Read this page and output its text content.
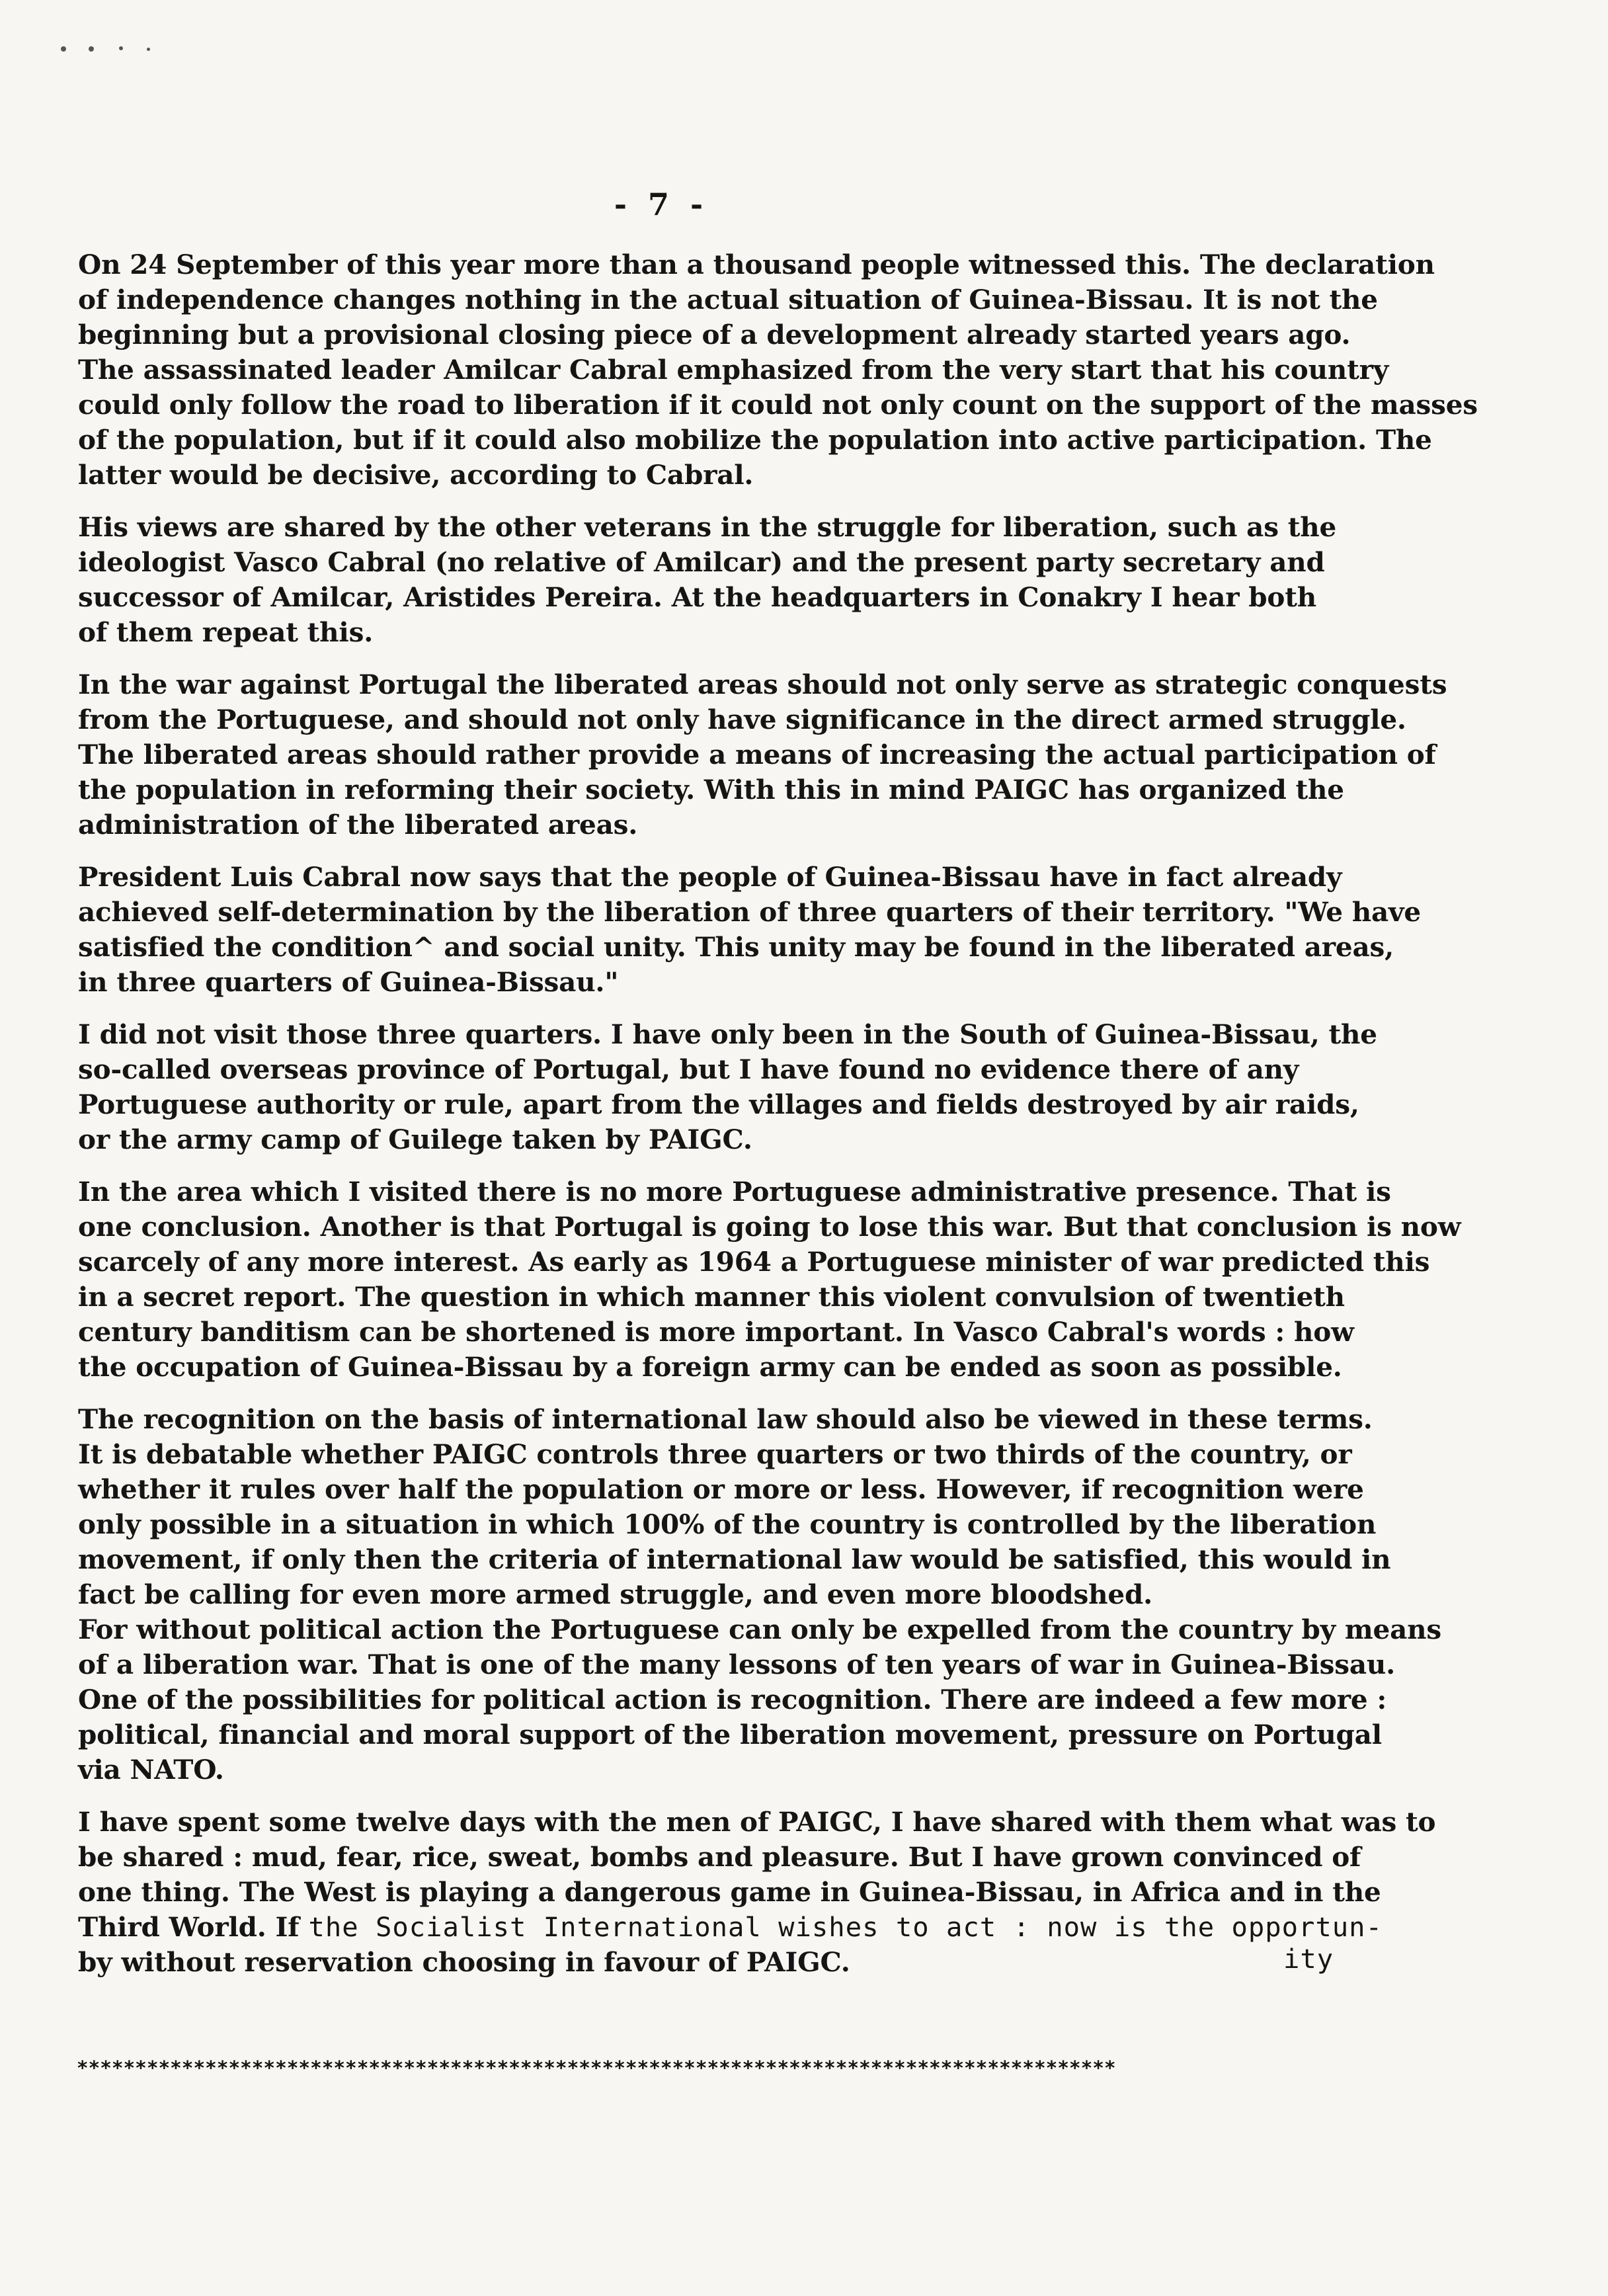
- 7 -
On 24 September of this year more than a thousand people witnessed this. The declaration
of independence changes nothing in the actual situation of Guinea-Bissau. It is not the
beginning but a provisional closing piece of a development already started years ago.
The assassinated leader Amilcar Cabral emphasized from the very start that his country
could only follow the road to liberation if it could not only count on the support of the masses
of the population, but if it could also mobilize the population into active participation. The
latter would be decisive, according to Cabral.
His views are shared by the other veterans in the struggle for liberation, such as the
ideologist Vasco Cabral (no relative of Amilcar) and the present party secretary and
successor of Amilcar, Aristides Pereira. At the headquarters in Conakry I hear both
of them repeat this.
In the war against Portugal the liberated areas should not only serve as strategic conquests
from the Portuguese, and should not only have significance in the direct armed struggle.
The liberated areas should rather provide a means of increasing the actual participation of
the population in reforming their society. With this in mind PAIGC has organized the
administration of the liberated areas.
President Luis Cabral now says that the people of Guinea-Bissau have in fact already
achieved self-determination by the liberation of three quarters of their territory. "We have
satisfied the condition^ and social unity. This unity may be found in the liberated areas,
in three quarters of Guinea-Bissau."
I did not visit those three quarters. I have only been in the South of Guinea-Bissau, the
so-called overseas province of Portugal, but I have found no evidence there of any
Portuguese authority or rule, apart from the villages and fields destroyed by air raids,
or the army camp of Guilege taken by PAIGC.
In the area which I visited there is no more Portuguese administrative presence. That is
one conclusion. Another is that Portugal is going to lose this war. But that conclusion is now
scarcely of any more interest. As early as 1964 a Portuguese minister of war predicted this
in a secret report. The question in which manner this violent convulsion of twentieth
century banditism can be shortened is more important. In Vasco Cabral's words : how
the occupation of Guinea-Bissau by a foreign army can be ended as soon as possible.
The recognition on the basis of international law should also be viewed in these terms.
It is debatable whether PAIGC controls three quarters or two thirds of the country, or
whether it rules over half the population or more or less. However, if recognition were
only possible in a situation in which 100% of the country is controlled by the liberation
movement, if only then the criteria of international law would be satisfied, this would in
fact be calling for even more armed struggle, and even more bloodshed.
For without political action the Portuguese can only be expelled from the country by means
of a liberation war. That is one of the many lessons of ten years of war in Guinea-Bissau.
One of the possibilities for political action is recognition. There are indeed a few more :
political, financial and moral support of the liberation movement, pressure on Portugal
via NATO.
I have spent some twelve days with the men of PAIGC, I have shared with them what was to
be shared : mud, fear, rice, sweat, bombs and pleasure. But I have grown convinced of
one thing. The West is playing a dangerous game in Guinea-Bissau, in Africa and in the
Third World. If the Socialist International wishes to act : now is the opportun-
by without reservation choosing in favour of PAIGC.
*****************************************************************************************
ity
